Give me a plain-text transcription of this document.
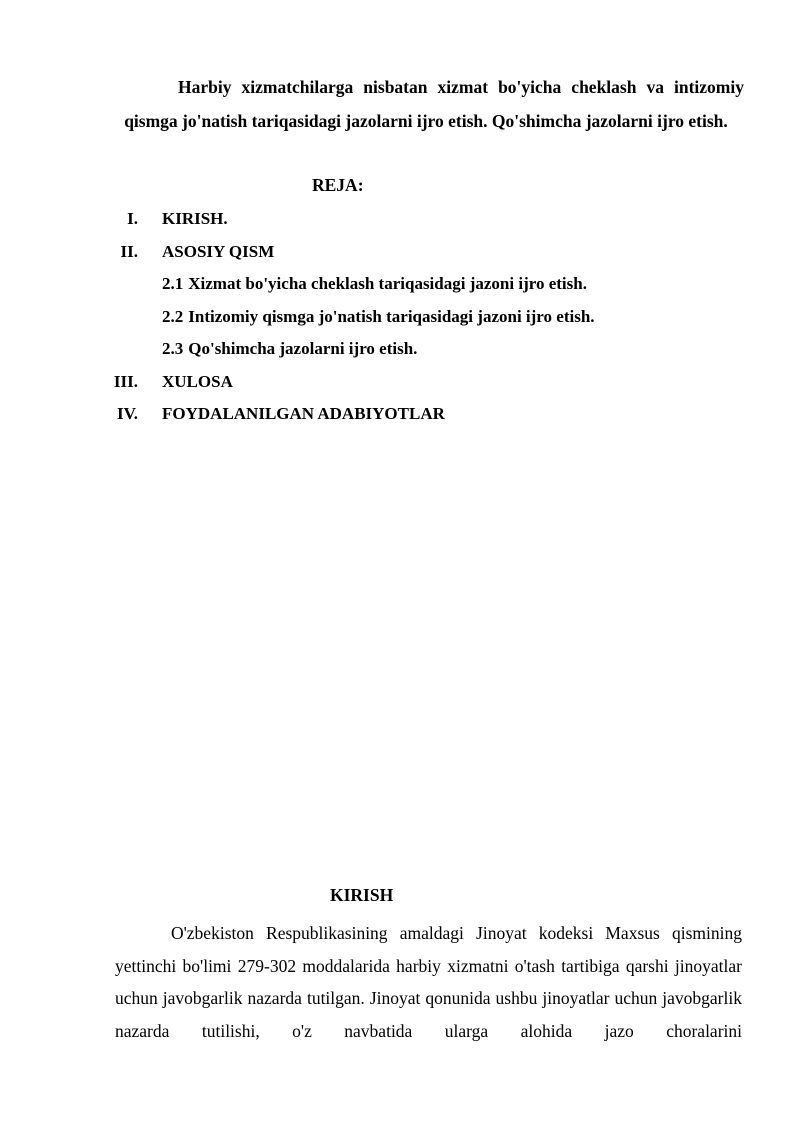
Harbiy xizmatchilarga nisbatan xizmat bo'yicha cheklash va intizomiy qismga jo'natish tariqasidagi jazolarni ijro etish. Qo'shimcha jazolarni ijro etish.

REJA:

I. KIRISH.
II. ASOSIY QISM
2.1 Xizmat bo'yicha cheklash tariqasidagi jazoni ijro etish.
2.2 Intizomiy qismga jo'natish tariqasidagi jazoni ijro etish.
2.3 Qo'shimcha jazolarni ijro etish.
III. XULOSA
IV. FOYDALANILGAN ADABIYOTLAR

KIRISH

O'zbekiston Respublikasining amaldagi Jinoyat kodeksi Maxsus qismining yettinchi bo'limi 279-302 moddalarida harbiy xizmatni o'tash tartibiga qarshi jinoyatlar uchun javobgarlik nazarda tutilgan. Jinoyat qonunida ushbu jinoyatlar uchun javobgarlik nazarda tutilishi, o'z navbatida ularga alohida jazo choralarini
